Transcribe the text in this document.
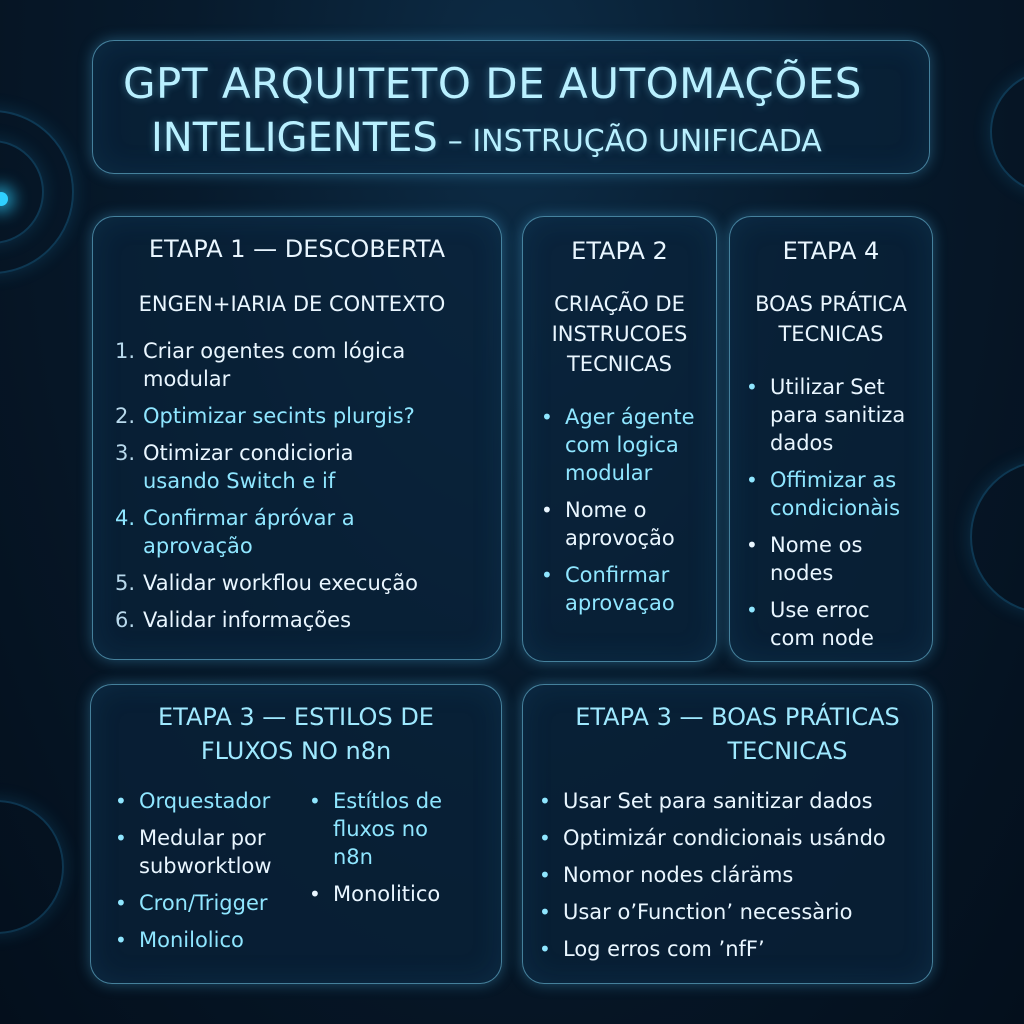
GPT ARQUITETO DE AUTOMAÇÕES
INTELIGENTES – INSTRUÇÃO UNIFICADA
ETAPA 1 — DESCOBERTA
ENGEN+IARIA DE CONTEXTO
1. Criar ogentes com lógica
modular
2. Optimizar secints plurgis?
3. Otimizar condicioria
usando Switch e if
4. Confirmar ápróvar a
aprovação
5. Validar workflou execução
6. Validar informações
ETAPA 2
CRIAÇÃO DE
INSTRUCOES
TECNICAS
• Ager ágente
com logica
modular
• Nome o
aprovoção
• Confirmar
aprovaçao
ETAPA 4
BOAS PRÁTICA
TECNICAS
• Utilizar Set
para sanitiza
dados
• Offimizar as
condicionàis
• Nome os
nodes
• Use erroc
com node
ETAPA 3 — ESTILOS DE
FLUXOS NO n8n
• Orquestador
• Medular por
subworktlow
• Cron/Trigger
• Monilolico
• Estítlos de
fluxos no
n8n
• Monolitico
ETAPA 3 — BOAS PRÁTICAS
TECNICAS
• Usar Set para sanitizar dados
• Optimizár condicionais usándo
• Nomor nodes cláräms
• Usar o’Function’ necessàrio
• Log erros com ’nfF’
